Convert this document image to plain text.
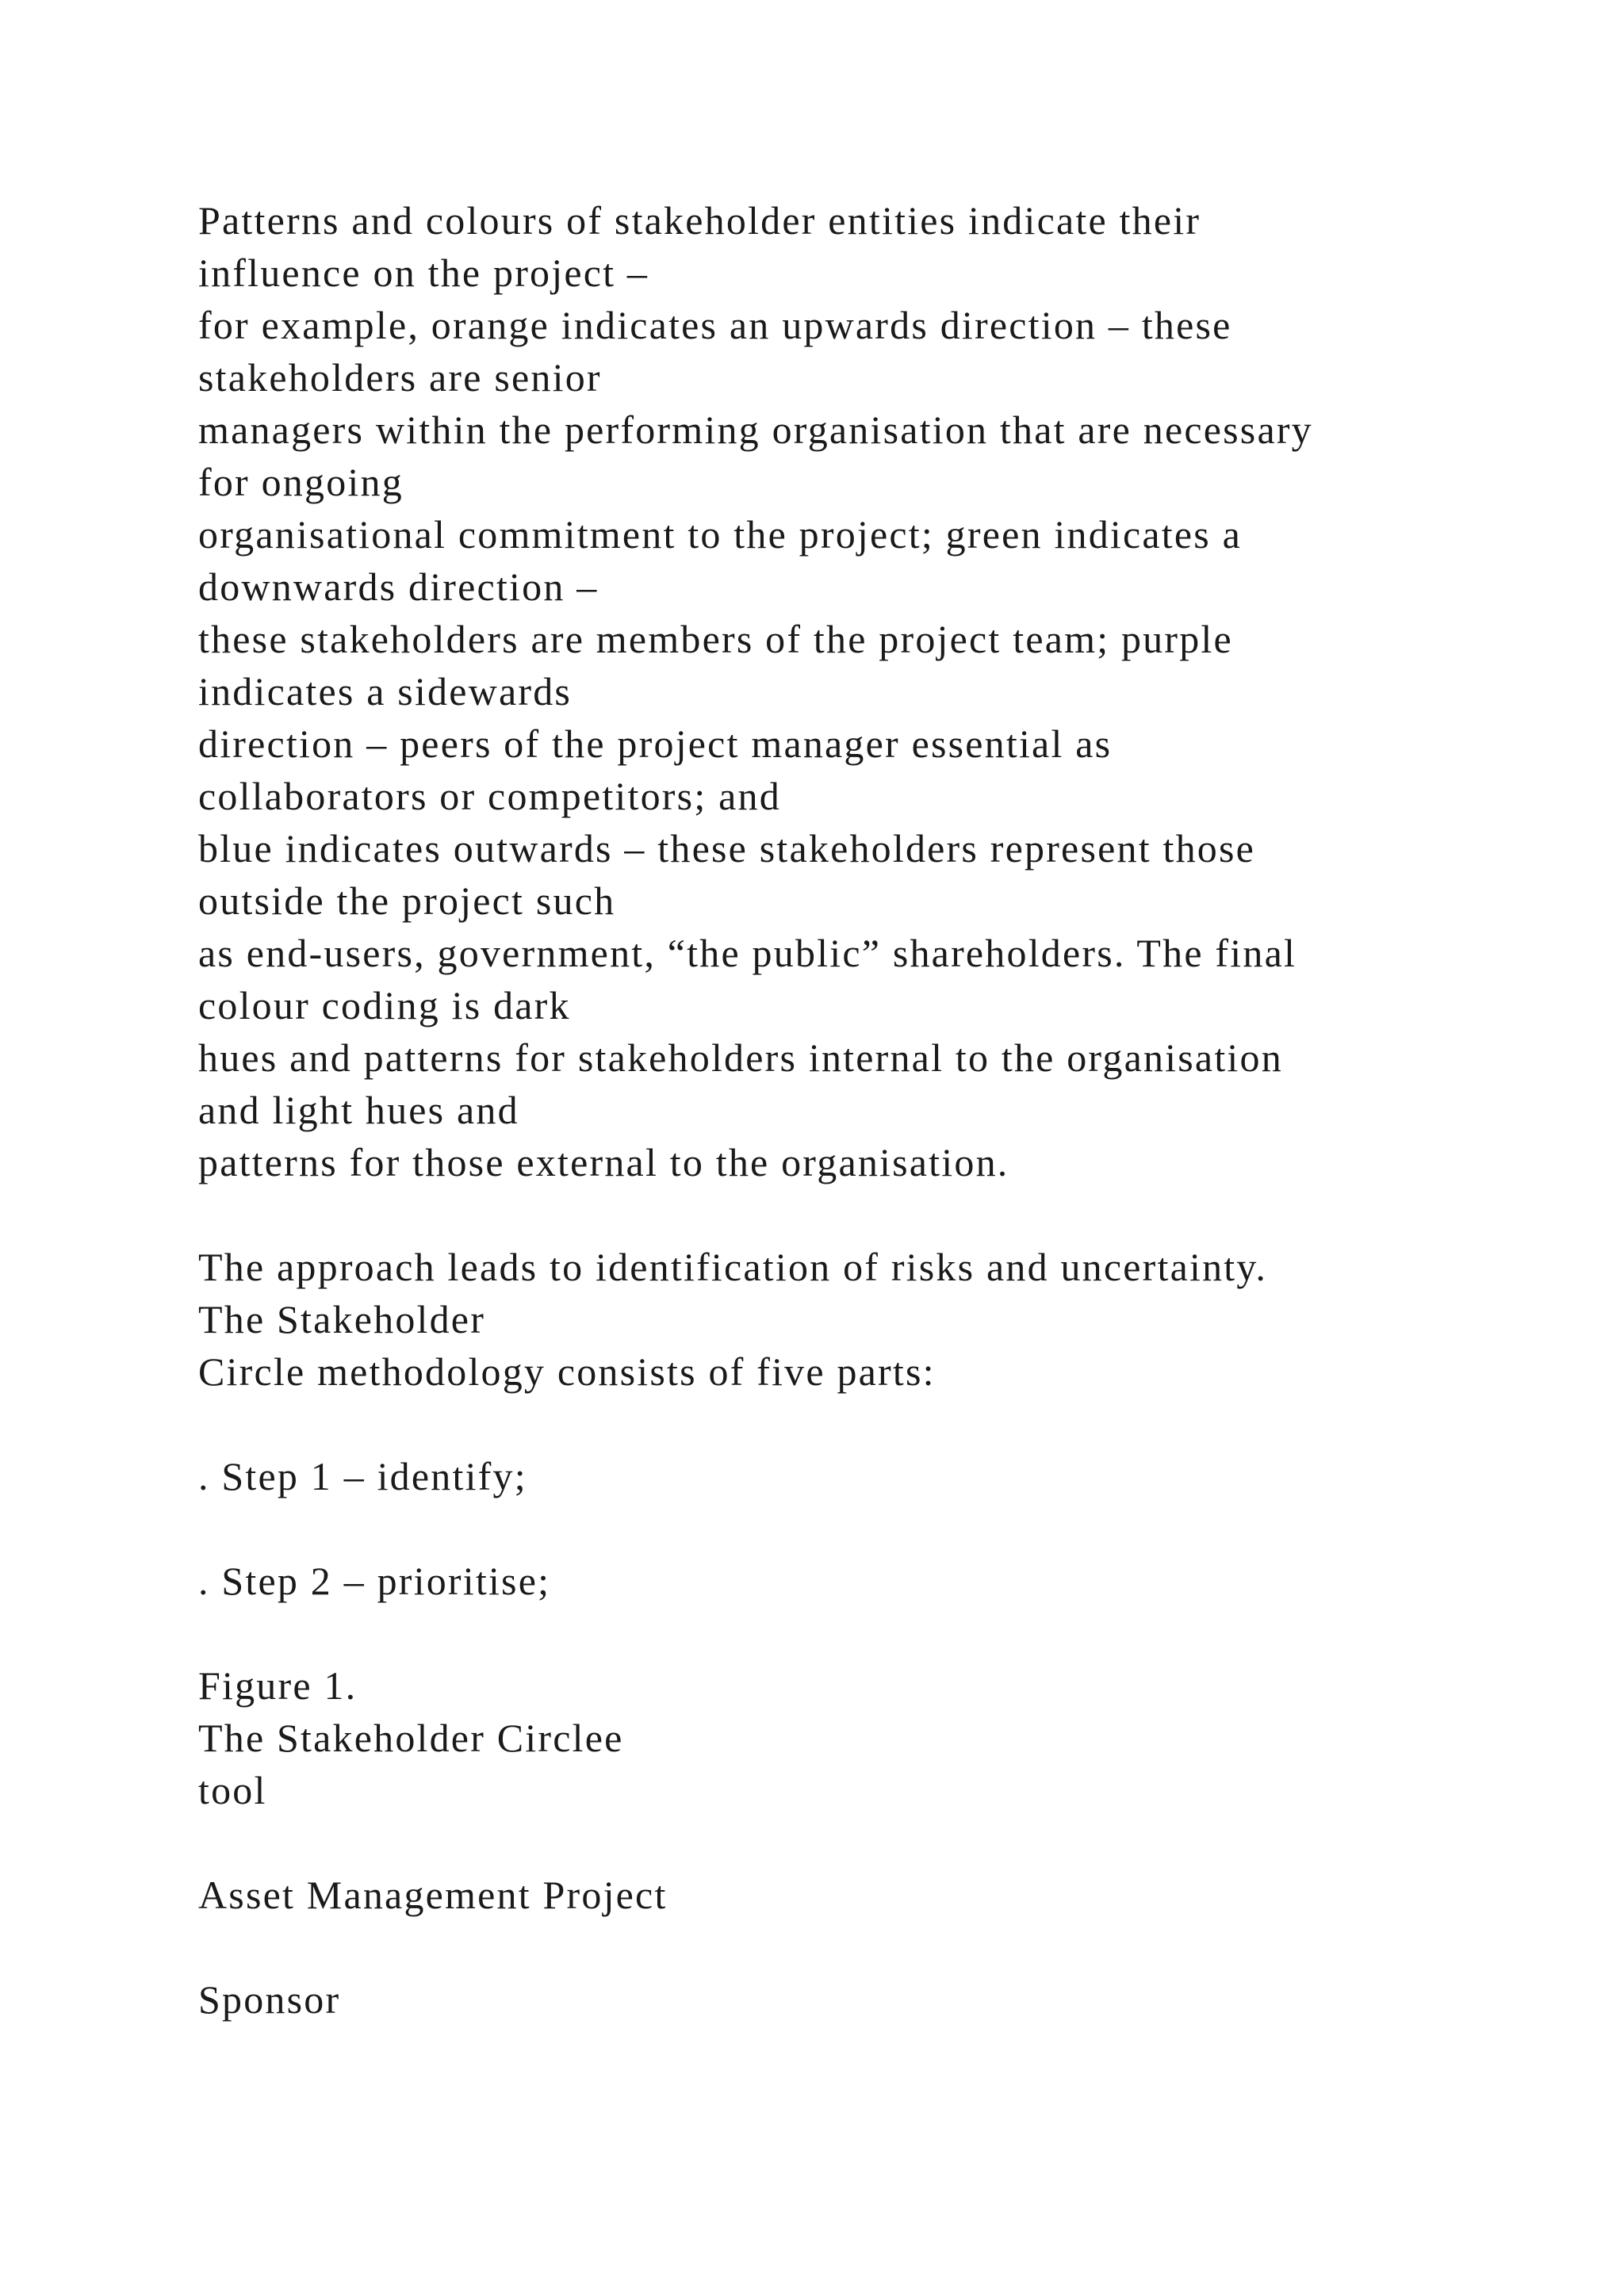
Patterns and colours of stakeholder entities indicate their
influence on the project –
for example, orange indicates an upwards direction – these
stakeholders are senior
managers within the performing organisation that are necessary
for ongoing
organisational commitment to the project; green indicates a
downwards direction –
these stakeholders are members of the project team; purple
indicates a sidewards
direction – peers of the project manager essential as
collaborators or competitors; and
blue indicates outwards – these stakeholders represent those
outside the project such
as end-users, government, “the public” shareholders. The final
colour coding is dark
hues and patterns for stakeholders internal to the organisation
and light hues and
patterns for those external to the organisation.
The approach leads to identification of risks and uncertainty.
The Stakeholder
Circle methodology consists of five parts:
. Step 1 – identify;
. Step 2 – prioritise;
Figure 1.
The Stakeholder Circlee
tool
Asset Management Project
Sponsor
